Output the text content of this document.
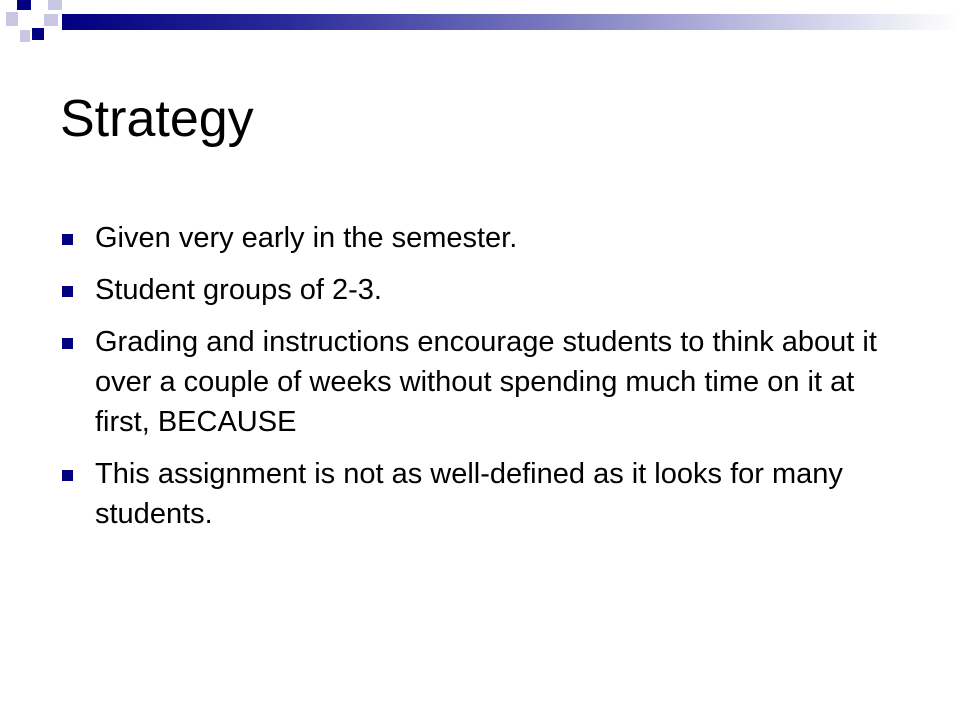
Strategy
Given very early in the semester.
Student groups of 2-3.
Grading and instructions encourage students to think about it over a couple of weeks without spending much time on it at first, BECAUSE
This assignment is not as well-defined as it looks for many students.
